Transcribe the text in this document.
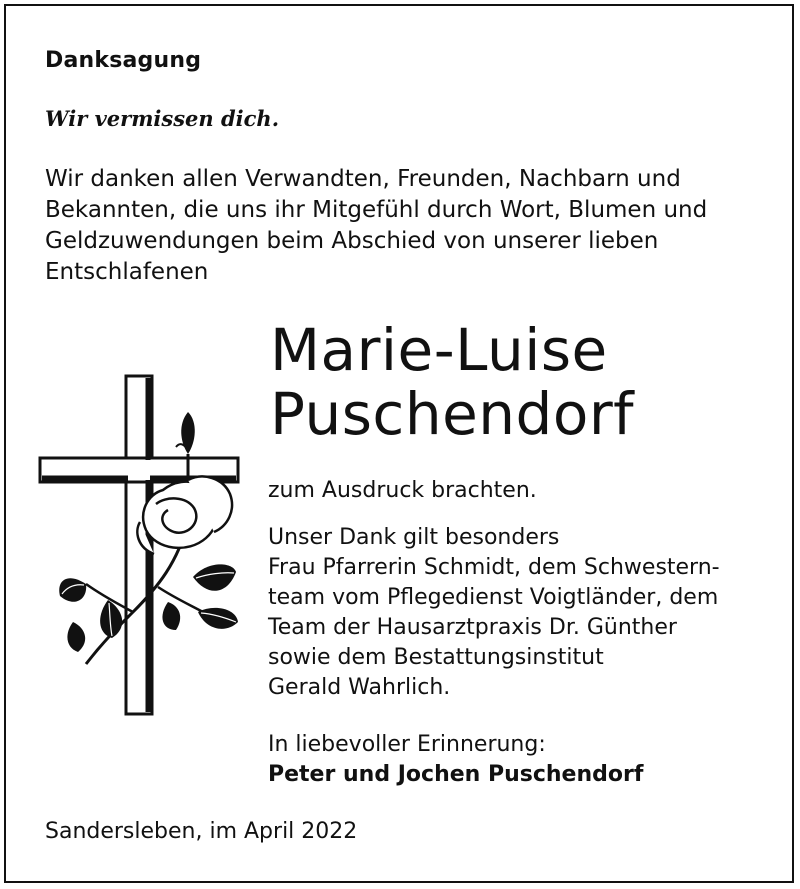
Danksagung
Wir vermissen dich.
Wir danken allen Verwandten, Freunden, Nachbarn und
Bekannten, die uns ihr Mitgefühl durch Wort, Blumen und
Geldzuwendungen beim Abschied von unserer lieben
Entschlafenen
Marie-Luise
Puschendorf
zum Ausdruck brachten.
Unser Dank gilt besonders
Frau Pfarrerin Schmidt, dem Schwestern-
team vom Pflegedienst Voigtländer, dem
Team der Hausarztpraxis Dr. Günther
sowie dem Bestattungsinstitut
Gerald Wahrlich.
In liebevoller Erinnerung:
Peter und Jochen Puschendorf
Sandersleben, im April 2022
